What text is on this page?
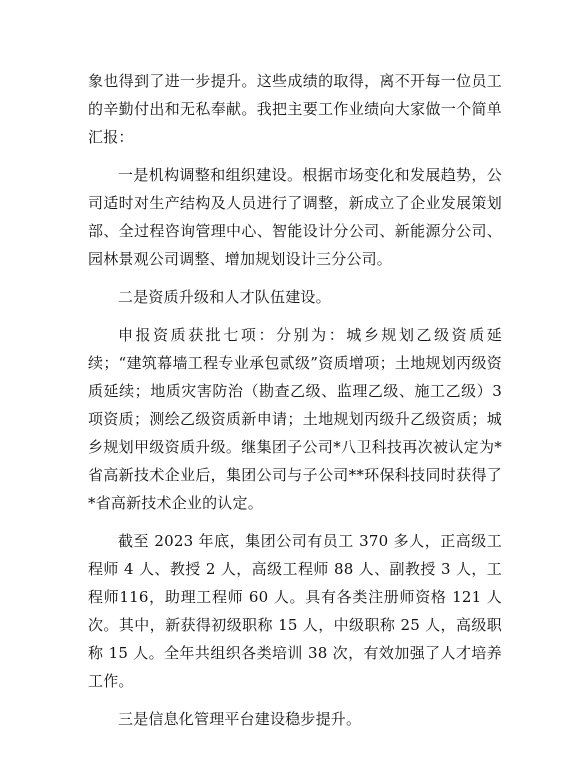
象也得到了进一步提升。这些成绩的取得，离不开每一位员工的辛勤付出和无私奉献。我把主要工作业绩向大家做一个简单汇报：

一是机构调整和组织建设。根据市场变化和发展趋势，公司适时对生产结构及人员进行了调整，新成立了企业发展策划部、全过程咨询管理中心、智能设计分公司、新能源分公司、园林景观公司调整、增加规划设计三分公司。

二是资质升级和人才队伍建设。

申报资质获批七项：分别为：城乡规划乙级资质延续；“建筑幕墙工程专业承包贰级”资质增项；土地规划丙级资质延续；地质灾害防治（勘查乙级、监理乙级、施工乙级）3 项资质；测绘乙级资质新申请；土地规划丙级升乙级资质；城乡规划甲级资质升级。继集团子公司*八卫科技再次被认定为*省高新技术企业后，集团公司与子公司**环保科技同时获得了*省高新技术企业的认定。

截至 2023 年底，集团公司有员工 370 多人，正高级工程师 4 人、教授 2 人，高级工程师 88 人、副教授 3 人，工程师116，助理工程师 60 人。具有各类注册师资格 121 人次。其中，新获得初级职称 15 人，中级职称 25 人，高级职称 15 人。全年共组织各类培训 38 次，有效加强了人才培养工作。

三是信息化管理平台建设稳步提升。
